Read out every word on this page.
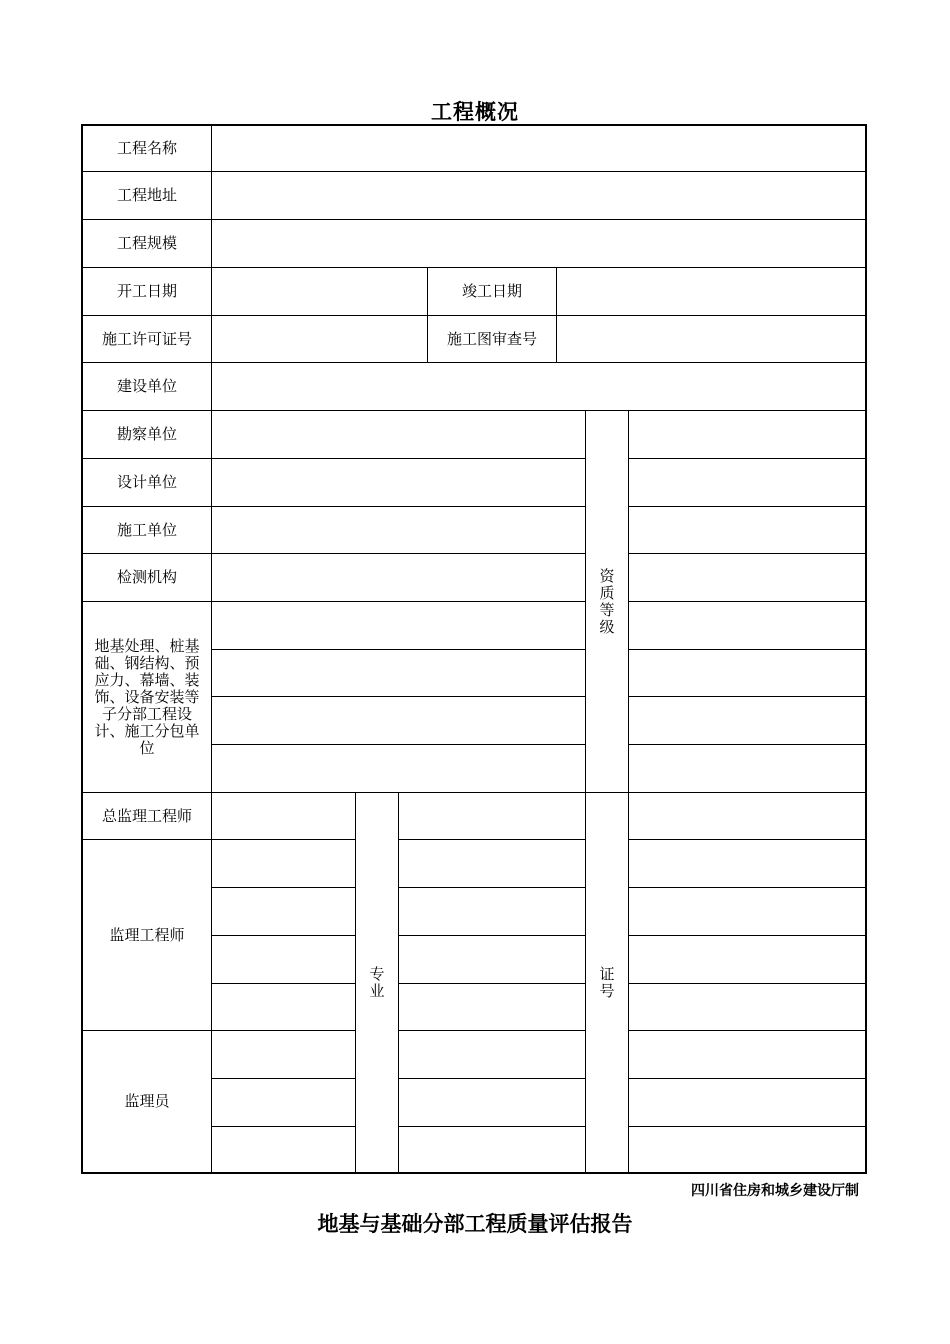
工程概况
工程名称
工程地址
工程规模
开工日期	竣工日期
施工许可证号	施工图审查号
建设单位
勘察单位
设计单位
施工单位
检测机构
地基处理、桩基础、钢结构、预应力、幕墙、装饰、设备安装等子分部工程设计、施工分包单位
资
质
等
级
总监理工程师
监理工程师
监理员
专
业
证
号
四川省住房和城乡建设厅制
地基与基础分部工程质量评估报告
